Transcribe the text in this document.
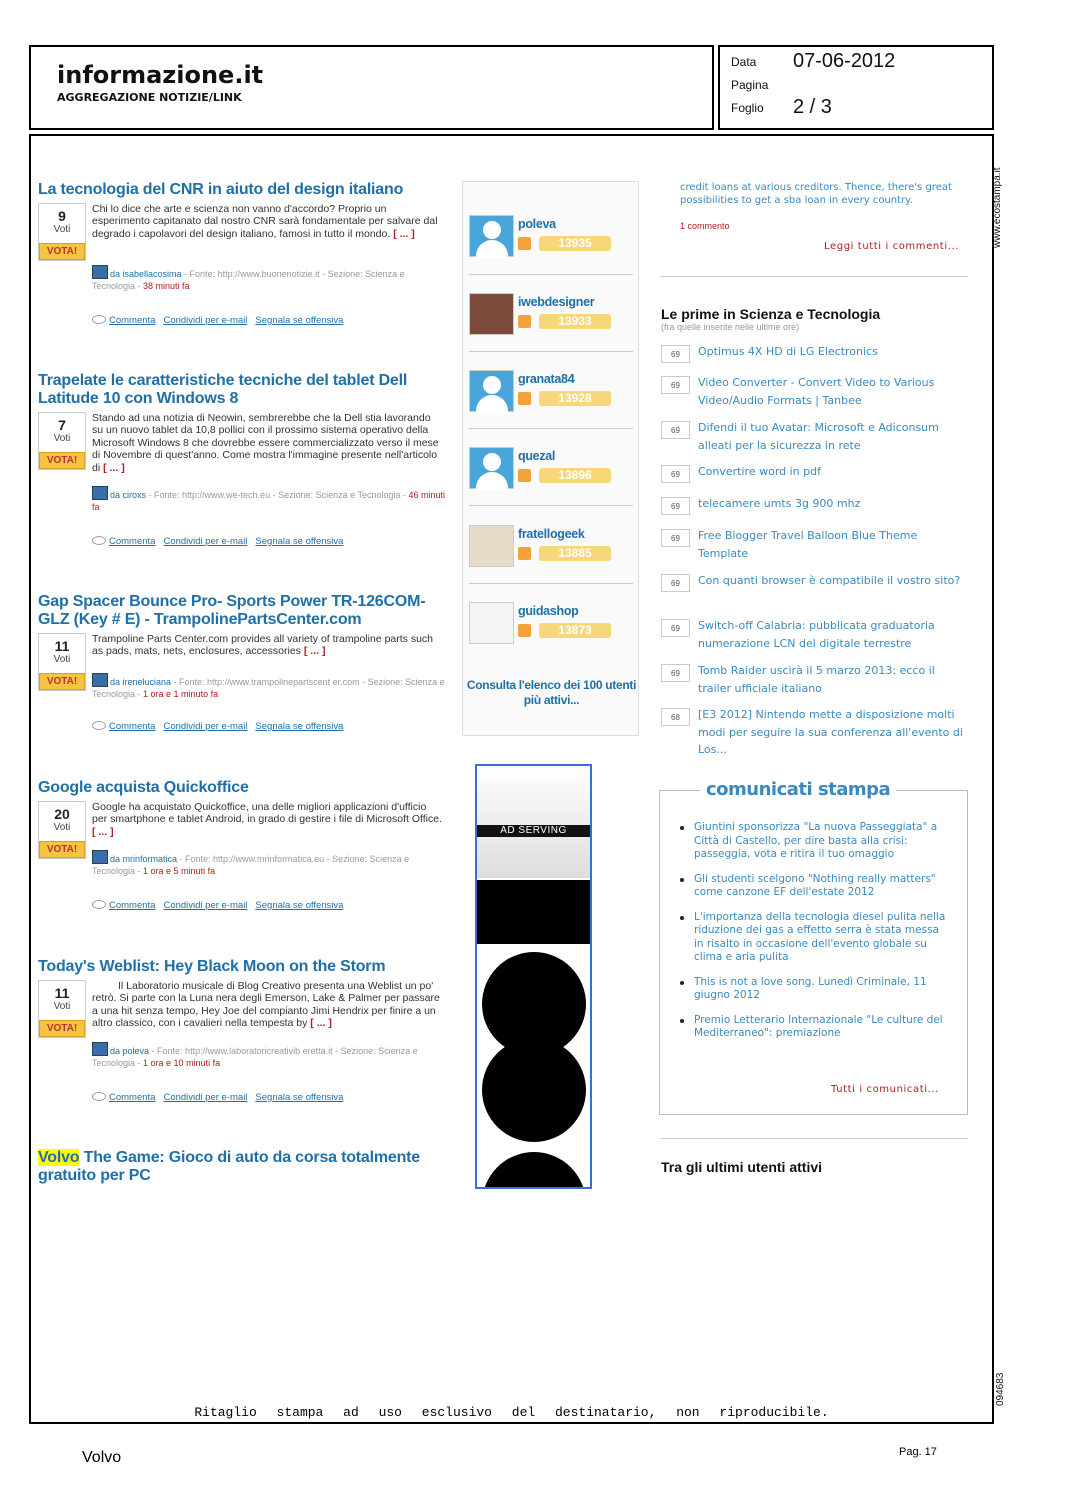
informazione.it
AGGREGAZIONE NOTIZIE/LINK
Data 07-06-2012
Pagina
Foglio 2 / 3
www.ecostampa.it
094683
La tecnologia del CNR in aiuto del design italiano
9
Voti
VOTA!
Chi lo dice che arte e scienza non vanno d'accordo? Proprio un esperimento capitanato dal nostro CNR sarà fondamentale per salvare dal degrado i capolavori del design italiano, famosi in tutto il mondo. [ ... ]
da isabellacosima - Fonte: http://www.buonenotizie.it - Sezione: Scienza e Tecnologia - 38 minuti fa
Commenta Condividi per e-mail Segnala se offensiva
Trapelate le caratteristiche tecniche del tablet Dell Latitude 10 con Windows 8
7
Voti
VOTA!
Stando ad una notizia di Neowin, sembrerebbe che la Dell stia lavorando su un nuovo tablet da 10,8 pollici con il prossimo sistema operativo della Microsoft Windows 8 che dovrebbe essere commercializzato verso il mese di Novembre di quest'anno. Come mostra l'immagine presente nell'articolo di [ ... ]
da ciroxs - Fonte: http://www.we-tech.eu - Sezione: Scienza e Tecnologia - 46 minuti fa
Commenta Condividi per e-mail Segnala se offensiva
Gap Spacer Bounce Pro- Sports Power TR-126COM-GLZ (Key # E) - TrampolinePartsCenter.com
11
Voti
VOTA!
Trampoline Parts Center.com provides all variety of trampoline parts such as pads, mats, nets, enclosures, accessories [ ... ]
da ireneluciana - Fonte: http://www.trampolinepartscent er.com - Sezione: Scienza e Tecnologia - 1 ora e 1 minuto fa
Commenta Condividi per e-mail Segnala se offensiva
Google acquista Quickoffice
20
Voti
VOTA!
Google ha acquistato Quickoffice, una delle migliori applicazioni d'ufficio per smartphone e tablet Android, in grado di gestire i file di Microsoft Office. [ ... ]
da mrinformatica - Fonte: http://www.mrinformatica.eu - Sezione: Scienza e Tecnologia - 1 ora e 5 minuti fa
Commenta Condividi per e-mail Segnala se offensiva
Today's Weblist: Hey Black Moon on the Storm
11
Voti
VOTA!
Il Laboratorio musicale di Blog Creativo presenta una Weblist un po' retrò. Si parte con la Luna nera degli Emerson, Lake & Palmer per passare a una hit senza tempo, Hey Joe del compianto Jimi Hendrix per finire a un altro classico, con i cavalieri nella tempesta by [ ... ]
da poleva - Fonte: http://www.laboratoricreativib eretta.it - Sezione: Scienza e Tecnologia - 1 ora e 10 minuti fa
Commenta Condividi per e-mail Segnala se offensiva
Volvo The Game: Gioco di auto da corsa totalmente gratuito per PC
poleva
13935
iwebdesigner
13933
granata84
13928
quezal
13896
fratellogeek
13885
guidashop
13873
Consulta l'elenco dei 100 utenti più attivi...
AD SERVING
credit loans at various creditors. Thence, there's great possibilities to get a sba loan in every country.
1 commento
Leggi tutti i commenti...
Le prime in Scienza e Tecnologia
(fra quelle inserite nelle ultime ore)
69	Optimus 4X HD di LG Electronics
69	Video Converter - Convert Video to Various Video/Audio Formats | Tanbee
69	Difendi il tuo Avatar: Microsoft e Adiconsum alleati per la sicurezza in rete
69	Convertire word in pdf
69	telecamere umts 3g 900 mhz
69	Free Blogger Travel Balloon Blue Theme Template
69	Con quanti browser è compatibile il vostro sito?
69	Switch-off Calabria: pubblicata graduatoria numerazione LCN del digitale terrestre
69	Tomb Raider uscirà il 5 marzo 2013: ecco il trailer ufficiale italiano
68	[E3 2012] Nintendo mette a disposizione molti modi per seguire la sua conferenza all'evento di Los...
comunicati stampa
Giuntini sponsorizza "La nuova Passeggiata" a Città di Castello, per dire basta alla crisi: passeggia, vota e ritira il tuo omaggio
Gli studenti scelgono "Nothing really matters" come canzone EF dell'estate 2012
L'importanza della tecnologia diesel pulita nella riduzione dei gas a effetto serra è stata messa in risalto in occasione dell'evento globale su clima e aria pulita
This is not a love song. Lunedì Criminale, 11 giugno 2012
Premio Letterario Internazionale "Le culture del Mediterraneo": premiazione
Tutti i comunicati...
Tra gli ultimi utenti attivi
Ritaglio stampa ad uso esclusivo del destinatario, non riproducibile.
Volvo	Pag. 17
